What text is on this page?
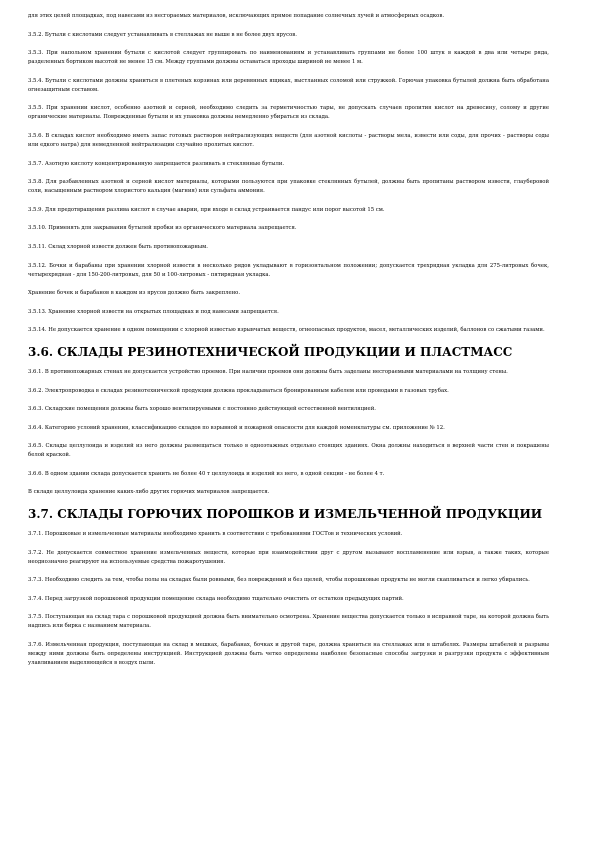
для этих целей площадках, под навесами из несгораемых материалов, исключающих прямое попадание солнечных лучей и атмосферных осадков.

3.5.2. Бутыли с кислотами следует устанавливать в стеллажах не выше в не более двух ярусов.

3.5.3. При напольном хранении бутыли с кислотой следует группировать по наименованиям и устанавливать группами не более 100 штук в каждой в два или четыре ряда, разделенных бортиком высотой не менее 15 см. Между группами должны оставаться проходы шириной не менее 1 м.

3.5.4. Бутыли с кислотами должны храниться в плетеных корзинах или деревянных ящиках, выстланных соломой или стружкой. Горючая упаковка бутылей должна быть обработана огнезащитным составом.

3.5.5. При хранении кислот, особенно азотной и серной, необходимо следить за герметичностью тары, не допускать случаев пролития кислот на древесину, солому и другие органические материалы. Поврежденные бутыли и их упаковка должны немедленно убираться из склада.

3.5.6. В складах кислот необходимо иметь запас готовых растворов нейтрализующих веществ (для азотной кислоты - растворы мела, извести или соды, для прочих - растворы соды или едкого натра) для немедленной нейтрализации случайно пролитых кислот.

3.5.7. Азотную кислоту концентрированную запрещается разливать в стеклянные бутыли.

3.5.8. Для разбавленных азотной и серной кислот материалы, которыми пользуются при упаковке стеклянных бутылей, должны быть пропитаны раствором извести, глауберовой соли, насыщенным раствором хлористого кальция (магния) или сульфата аммония.

3.5.9. Для предотвращения разлива кислот в случае аварии, при входе в склад устраивается пандус или порог высотой 15 см.

3.5.10. Применять для закрывания бутылей пробки из органического материала запрещается.

3.5.11. Склад хлорной извести должен быть противопожарным.

3.5.12. Бочки и барабаны при хранении хлорной извести в несколько рядов укладывают в горизонтальном положении; допускается трехрядная укладка для 275-литровых бочек, четырехрядная - для 150-200-литровых, для 50 и 100-литровых - пятирядная укладка.

Хранение бочек и барабанов в каждом из ярусов должно быть закреплено.

3.5.13. Хранение хлорной извести на открытых площадках и под навесами запрещается.

3.5.14. Не допускается хранение в одном помещении с хлорной известью взрывчатых веществ, огнеопасных продуктов, масел, металлических изделий, баллонов со сжатыми газами.

3.6. СКЛАДЫ РЕЗИНОТЕХНИЧЕСКОЙ ПРОДУКЦИИ И ПЛАСТМАСС

3.6.1. В противопожарных стенах не допускается устройство проемов. При наличии проемов они должны быть заделаны несгораемыми материалами на толщину стены.

3.6.2. Электропроводка в складах резинотехнической продукции должна прокладываться бронированным кабелем или проводами в газовых трубах.

3.6.3. Складские помещения должны быть хорошо вентилируемыми с постоянно действующей естественной вентиляцией.

3.6.4. Категорию условий хранения, классификацию складов по взрывной и пожарной опасности для каждой номенклатуры см. приложение № 12.

3.6.5. Склады целлулоида и изделий из него должны размещаться только в одноэтажных отдельно стоящих зданиях. Окна должны находиться в верхней части стен и покрашены белой краской.

3.6.6. В одном здании склада допускается хранить не более 40 т целлулоида и изделий из него, в одной секции - не более 4 т.

В складе целлулоида хранение каких-либо других горючих материалов запрещается.

3.7. СКЛАДЫ ГОРЮЧИХ ПОРОШКОВ И ИЗМЕЛЬЧЕННОЙ ПРОДУКЦИИ

3.7.1. Порошковые и измельченные материалы необходимо хранить в соответствии с требованиями ГОСТов и технических условий.

3.7.2. Не допускается совместное хранение измельченных веществ, которые при взаимодействии друг с другом вызывают воспламенение или взрыв, а также таких, которые неоднозначно реагируют на используемые средства пожаротушения.

3.7.3. Необходимо следить за тем, чтобы полы на складах были ровными, без повреждений и без щелей, чтобы порошковые продукты не могли скапливаться и легко убирались.

3.7.4. Перед загрузкой порошковой продукции помещение склада необходимо тщательно очистить от остатков предыдущих партий.

3.7.5. Поступающая на склад тара с порошковой продукцией должна быть внимательно осмотрена. Хранение вещества допускается только в исправной таре, на которой должна быть надпись или бирка с названием материала.

3.7.6. Измельченная продукция, поступающая на склад в мешках, барабанах, бочках и другой таре, должна храниться на стеллажах или в штабелях. Размеры штабелей и разрывы между ними должны быть определены инструкцией. Инструкцией должны быть четко определены наиболее безопасные способы загрузки и разгрузки продукта с эффективным улавливанием выделяющейся в воздух пыли.
